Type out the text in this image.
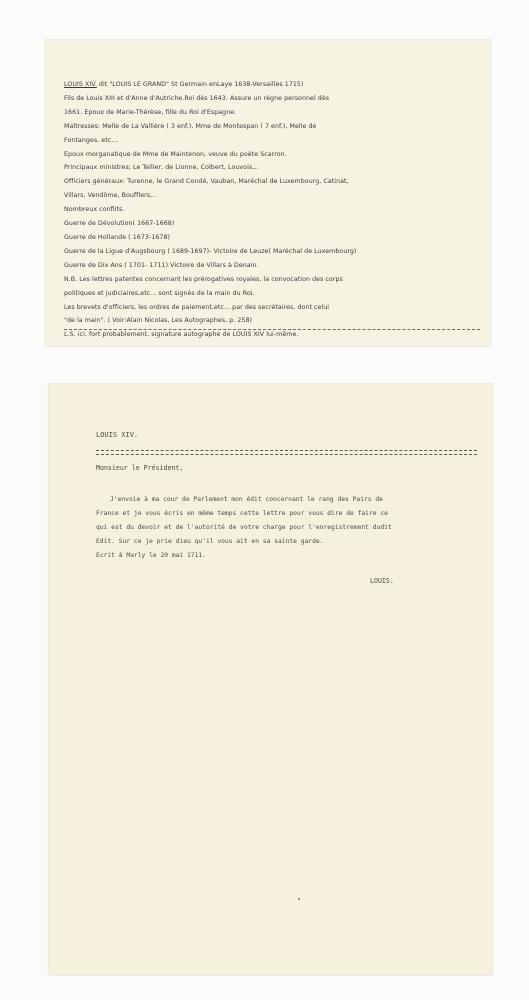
LOUIS XIV. dit "LOUIS LE GRAND" St Germain enLaye 1638-Versailles 1715)
Fils de Louis XIII et d'Anne d'Autriche.Roi dès 1643. Assure un règne personnel dès
1661. Epoux de Marie-Thérèse, fille du Roi d'Espagne.
Maîtresses: Melle de La Vallière ( 3 enf.), Mme de Montespan ( 7 enf.), Melle de
Fontanges, etc...
Epoux morganatique de Mme de Maintenon, veuve du poète Scarron.
Principaux ministres; Le Tellier, de Lionne, Colbert, Louvois,..
Officiers généraux: Turenne, le Grand Condé, Vauban, Maréchal de Luxembourg, Catinat,
Villars, Vendôme, Boufflers,..
Nombreux conflits.
Guerre de Dévolution( 1667-1668)
Guerre de Hollande ( 1673-1678)
Guerre de la Ligue d'Augsbourg ( 1689-1697)- Victoire de Leuze( Maréchal de Luxembourg)
Guerre de Dix Ans ( 1701- 1711) Victoire de Villars à Denain.
N.B. Les lettres patentes concernant les prérogatives royales, la convocation des corps
politiques et judiciaires,etc... sont signés de la main du Roi.
Les brevets d'officiers, les ordres de paiement,etc... par des secrétaires, dont celui
"de la main". ( Voir:Alain Nicolas, Les Autographes, p. 258)
L.S. ici, fort probablement, signature autographe de LOUIS XIV lui-même.
LOUIS XIV.
Monsieur le Président,
J'envoie à ma cour de Parlement mon édit concernant le rang des Pairs de
France et je vous écris en même temps cette lettre pour vous dire de faire ce
qui est du devoir et de l'autorité de votre charge pour l'enregistrement dudit
Edit. Sur ce je prie dieu qu'il vous ait en sa sainte garde.
Ecrit à Marly le 20 mai 1711.
LOUIS.
